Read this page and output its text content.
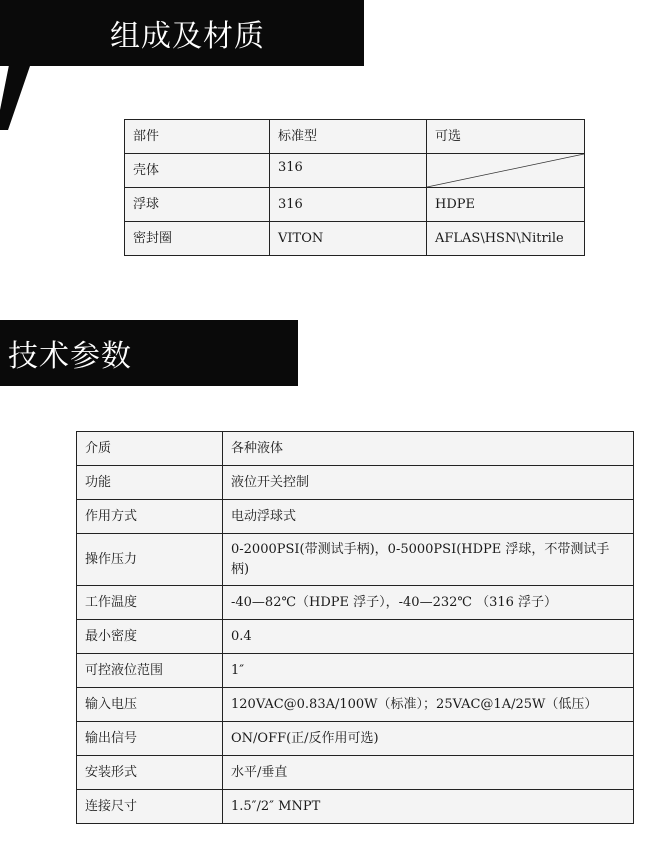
组成及材质
部件	标准型	可选
壳体	316	

浮球	316	HDPE
密封圈	VITON	AFLAS\HSN\Nitrile
技术参数
介质	各种液体
功能	液位开关控制
作用方式	电动浮球式
操作压力	0-2000PSI(带测试手柄)，0-5000PSI(HDPE 浮球，不带测试手柄)
工作温度	-40—82℃（HDPE 浮子），-40—232℃ （316 浮子）
最小密度	0.4
可控液位范围	1″
输入电压	120VAC@0.83A/100W（标准）；25VAC@1A/25W（低压）
输出信号	ON/OFF(正/反作用可选)
安装形式	水平/垂直
连接尺寸	1.5″/2″ MNPT
